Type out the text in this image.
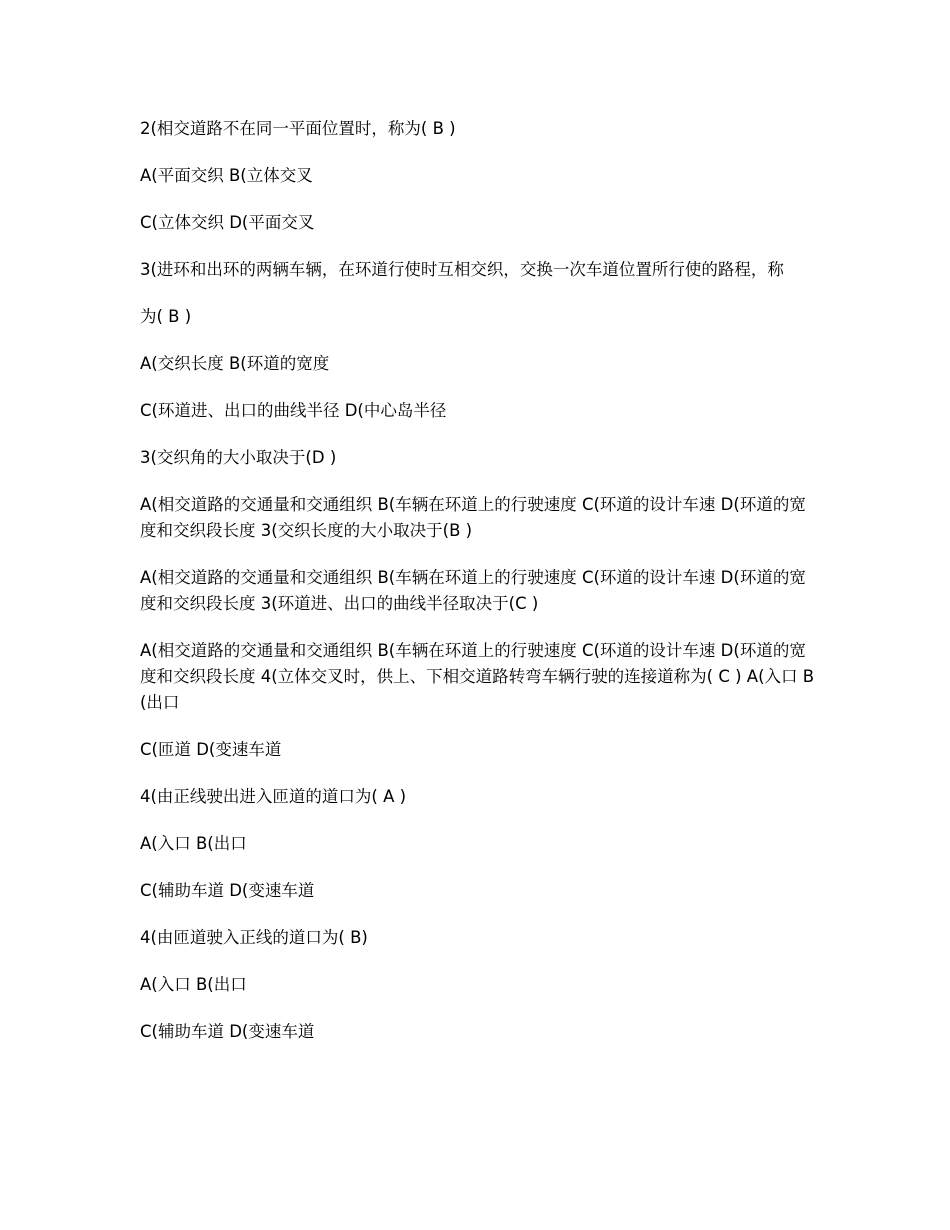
2(相交道路不在同一平面位置时，称为( B )

A(平面交织 B(立体交叉

C(立体交织 D(平面交叉

3(进环和出环的两辆车辆，在环道行使时互相交织，交换一次车道位置所行使的路程，称

为( B )

A(交织长度 B(环道的宽度

C(环道进、出口的曲线半径 D(中心岛半径

3(交织角的大小取决于(D )

A(相交道路的交通量和交通组织 B(车辆在环道上的行驶速度 C(环道的设计车速 D(环道的宽度和交织段长度 3(交织长度的大小取决于(B )

A(相交道路的交通量和交通组织 B(车辆在环道上的行驶速度 C(环道的设计车速 D(环道的宽度和交织段长度 3(环道进、出口的曲线半径取决于(C )

A(相交道路的交通量和交通组织 B(车辆在环道上的行驶速度 C(环道的设计车速 D(环道的宽度和交织段长度 4(立体交叉时，供上、下相交道路转弯车辆行驶的连接道称为( C ) A(入口 B(出口

C(匝道 D(变速车道

4(由正线驶出进入匝道的道口为( A )

A(入口 B(出口

C(辅助车道 D(变速车道

4(由匝道驶入正线的道口为( B)

A(入口 B(出口

C(辅助车道 D(变速车道
